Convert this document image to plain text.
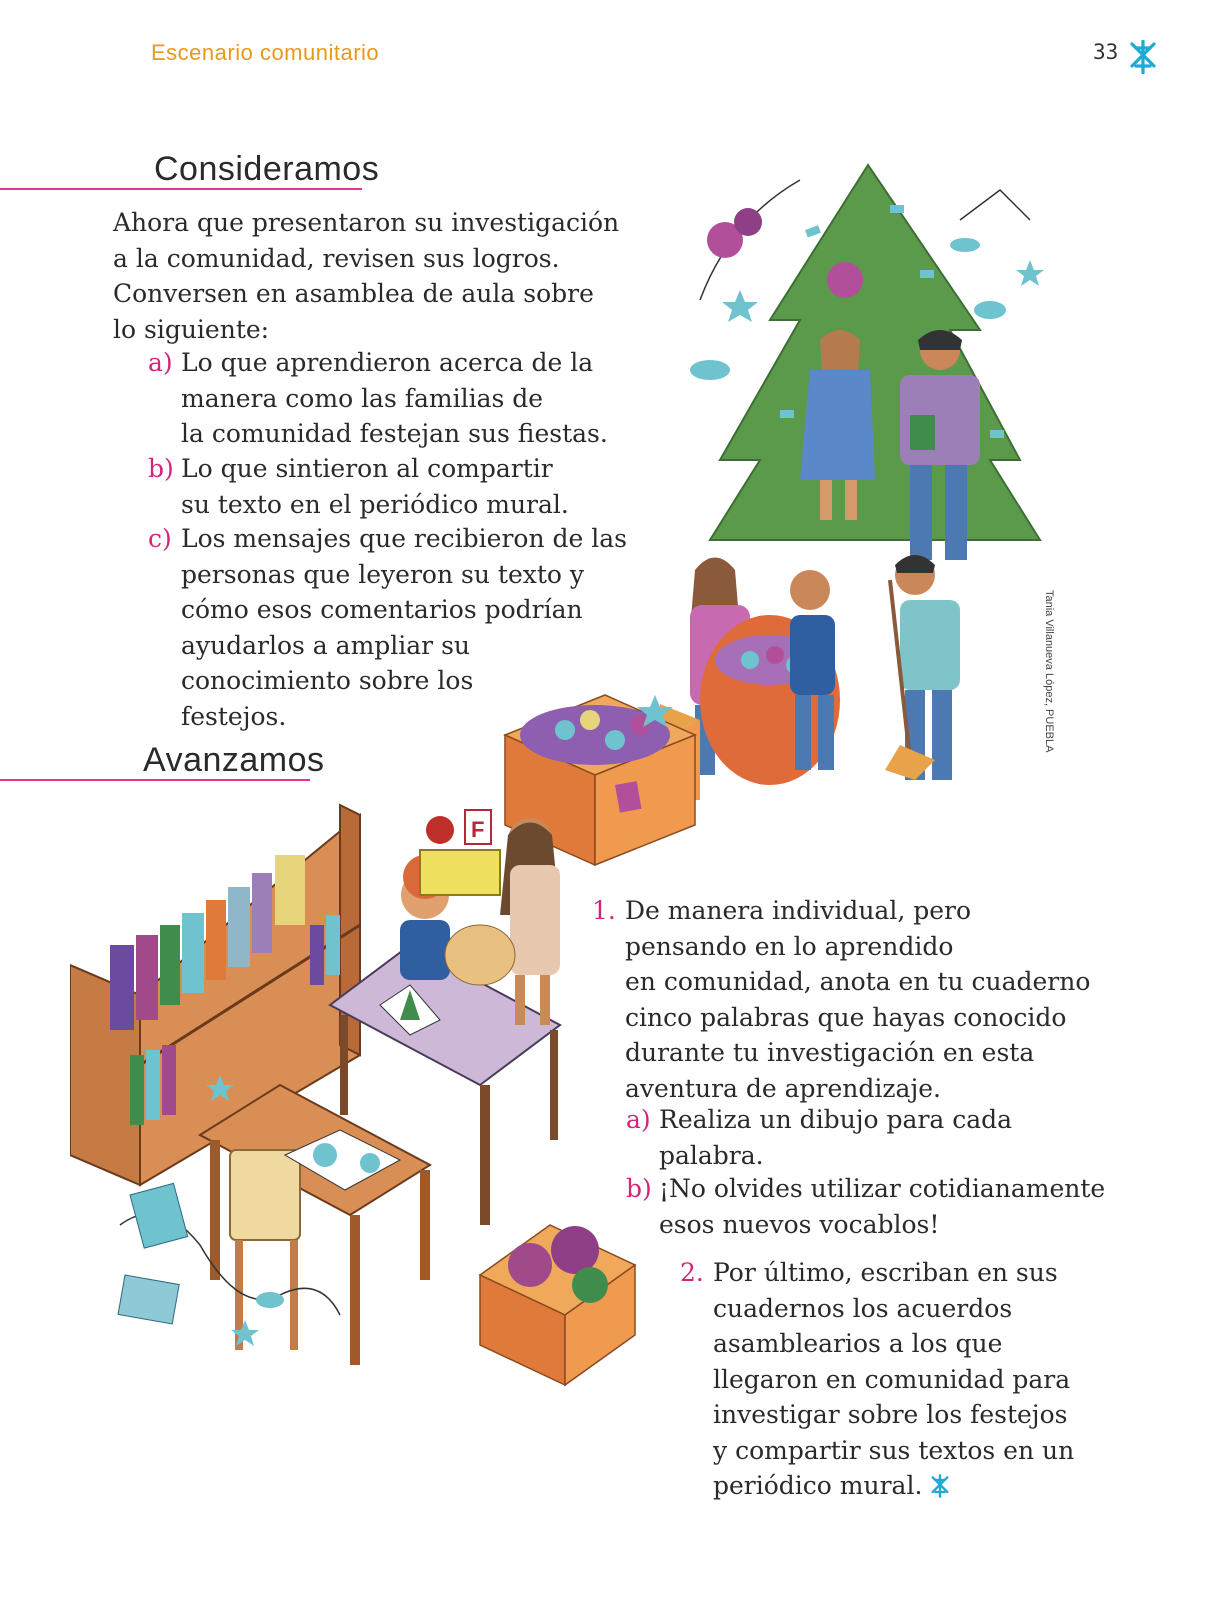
Escenario comunitario	33
Consideramos
Ahora que presentaron su investigación
a la comunidad, revisen sus logros.
Conversen en asamblea de aula sobre
lo siguiente:
a) Lo que aprendieron acerca de la
manera como las familias de
la comunidad festejan sus fiestas.
b) Lo que sintieron al compartir
su texto en el periódico mural.
c) Los mensajes que recibieron de las
personas que leyeron su texto y
cómo esos comentarios podrían
ayudarlos a ampliar su
conocimiento sobre los
festejos.
Avanzamos
1. De manera individual, pero
pensando en lo aprendido
en comunidad, anota en tu cuaderno
cinco palabras que hayas conocido
durante tu investigación en esta
aventura de aprendizaje.
a) Realiza un dibujo para cada
palabra.
b) ¡No olvides utilizar cotidianamente
esos nuevos vocablos!
2. Por último, escriban en sus
cuadernos los acuerdos
asamblearios a los que
llegaron en comunidad para
investigar sobre los festejos
y compartir sus textos en un
periódico mural.
F
Tania Villanueva López, PUEBLA
